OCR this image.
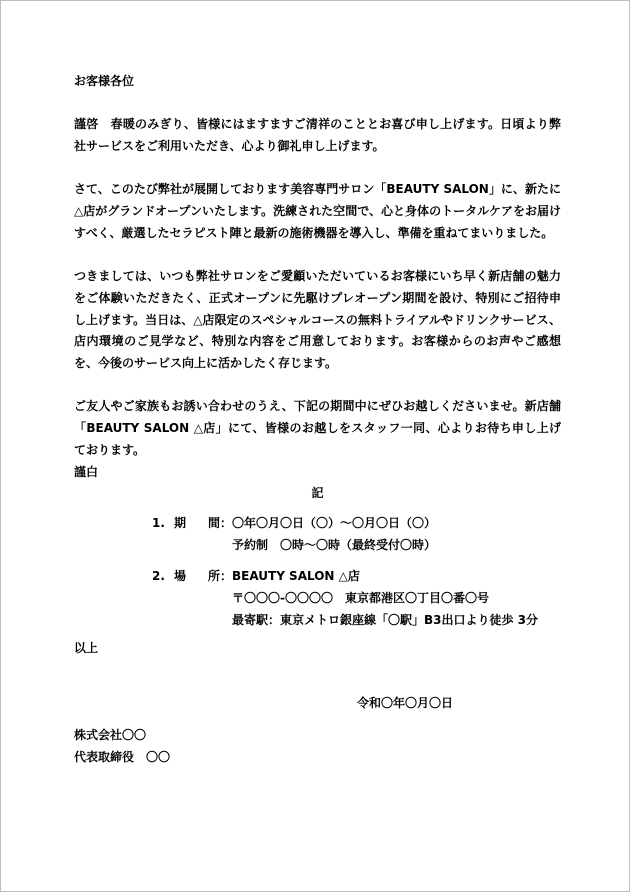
お客様各位

謹啓　春暖のみぎり、皆様にはますますご清祥のこととお喜び申し上げます。日頃より弊社サービスをご利用いただき、心より御礼申し上げます。

さて、このたび弊社が展開しております美容専門サロン「BEAUTY SALON」に、新たに△店がグランドオープンいたします。洗練された空間で、心と身体のトータルケアをお届けすべく、厳選したセラピスト陣と最新の施術機器を導入し、準備を重ねてまいりました。

つきましては、いつも弊社サロンをご愛顧いただいているお客様にいち早く新店舗の魅力をご体験いただきたく、正式オープンに先駆けプレオープン期間を設け、特別にご招待申し上げます。当日は、△店限定のスペシャルコースの無料トライアルやドリンクサービス、店内環境のご見学など、特別な内容をご用意しております。お客様からのお声やご感想を、今後のサービス向上に活かしたく存じます。

ご友人やご家族もお誘い合わせのうえ、下記の期間中にぜひお越しくださいませ。新店舗「BEAUTY SALON △店」にて、皆様のお越しをスタッフ一同、心よりお待ち申し上げております。

謹白

記

1. 期 間 ： 〇年〇月〇日（〇）～〇月〇日（〇）
予約制　〇時～〇時（最終受付〇時）
2. 場 所 ： BEAUTY SALON △店
〒〇〇〇-〇〇〇〇　東京都港区〇丁目〇番〇号
最寄駅：東京メトロ銀座線「〇駅」B3出口より徒歩 3分

以上

令和〇年〇月〇日

株式会社〇〇

代表取締役　〇〇
